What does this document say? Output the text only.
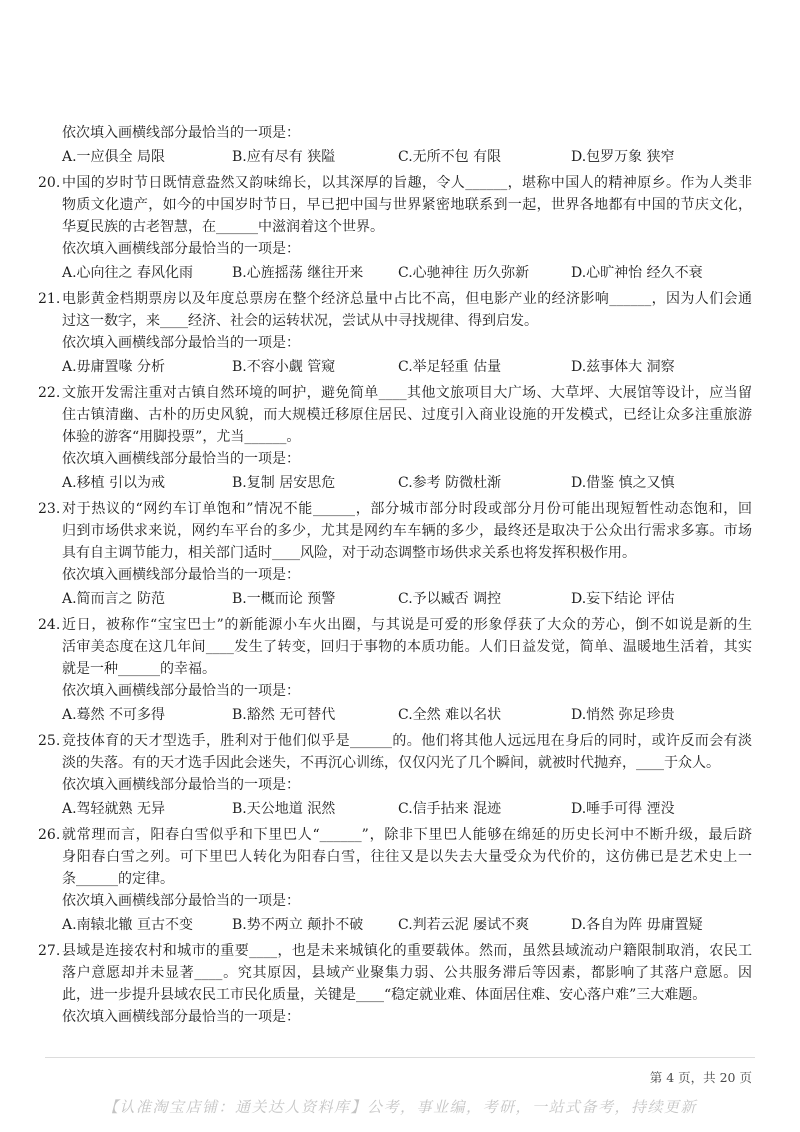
依次填入画横线部分最恰当的一项是：
A.一应俱全 局限	B.应有尽有 狭隘	C.无所不包 有限	D.包罗万象 狭窄
20. 中国的岁时节日既情意盎然又韵味绵长，以其深厚的旨趣，令人______，堪称中国人的精神原乡。作为人类非
物质文化遗产，如今的中国岁时节日，早已把中国与世界紧密地联系到一起，世界各地都有中国的节庆文化，
华夏民族的古老智慧，在______中滋润着这个世界。
依次填入画横线部分最恰当的一项是：
A.心向往之 春风化雨	B.心旌摇荡 继往开来 C.心驰神往 历久弥新	D.心旷神怡 经久不衰
21. 电影黄金档期票房以及年度总票房在整个经济总量中占比不高，但电影产业的经济影响______，因为人们会通
过这一数字，来____经济、社会的运转状况，尝试从中寻找规律、得到启发。
依次填入画横线部分最恰当的一项是：
A.毋庸置喙 分析	B.不容小觑 管窥	C.举足轻重 估量	D.兹事体大 洞察
22. 文旅开发需注重对古镇自然环境的呵护，避免简单____其他文旅项目大广场、大草坪、大展馆等设计，应当留
住古镇清幽、古朴的历史风貌，而大规模迁移原住居民、过度引入商业设施的开发模式，已经让众多注重旅游
体验的游客“用脚投票”，尤当______。
依次填入画横线部分最恰当的一项是：
A.移植 引以为戒	B.复制 居安思危	C.参考 防微杜渐	D.借鉴 慎之又慎
23. 对于热议的“网约车订单饱和”情况不能______，部分城市部分时段或部分月份可能出现短暂性动态饱和，回
归到市场供求来说，网约车平台的多少，尤其是网约车车辆的多少，最终还是取决于公众出行需求多寡。市场
具有自主调节能力，相关部门适时____风险，对于动态调整市场供求关系也将发挥积极作用。
依次填入画横线部分最恰当的一项是：
A.简而言之 防范	B.一概而论 预警	C.予以臧否 调控	D.妄下结论 评估
24. 近日，被称作“宝宝巴士”的新能源小车火出圈，与其说是可爱的形象俘获了大众的芳心，倒不如说是新的生
活审美态度在这几年间____发生了转变，回归于事物的本质功能。人们日益发觉，简单、温暖地生活着，其实
就是一种______的幸福。
依次填入画横线部分最恰当的一项是：
A.蓦然 不可多得	B.豁然 无可替代	C.全然 难以名状	D.悄然 弥足珍贵
25. 竞技体育的天才型选手，胜利对于他们似乎是______的。他们将其他人远远甩在身后的同时，或许反而会有淡
淡的失落。有的天才选手因此会迷失，不再沉心训练，仅仅闪光了几个瞬间，就被时代抛弃，____于众人。
依次填入画横线部分最恰当的一项是：
A.驾轻就熟 无异	B.天公地道 泯然	C.信手拈来 混迹	D.唾手可得 湮没
26. 就常理而言，阳春白雪似乎和下里巴人“______”，除非下里巴人能够在绵延的历史长河中不断升级，最后跻
身阳春白雪之列。可下里巴人转化为阳春白雪，往往又是以失去大量受众为代价的，这仿佛已是艺术史上一
条______的定律。
依次填入画横线部分最恰当的一项是：
A.南辕北辙 亘古不变	B.势不两立 颠扑不破 C.判若云泥 屡试不爽	D.各自为阵 毋庸置疑
27. 县域是连接农村和城市的重要____，也是未来城镇化的重要载体。然而，虽然县域流动户籍限制取消，农民工
落户意愿却并未显著____。究其原因，县域产业聚集力弱、公共服务滞后等因素，都影响了其落户意愿。因
此，进一步提升县域农民工市民化质量，关键是____“稳定就业难、体面居住难、安心落户难”三大难题。
依次填入画横线部分最恰当的一项是：
第 4 页，共 20 页
【认准淘宝店铺：通关达人资料库】公考，事业编，考研，一站式备考，持续更新
